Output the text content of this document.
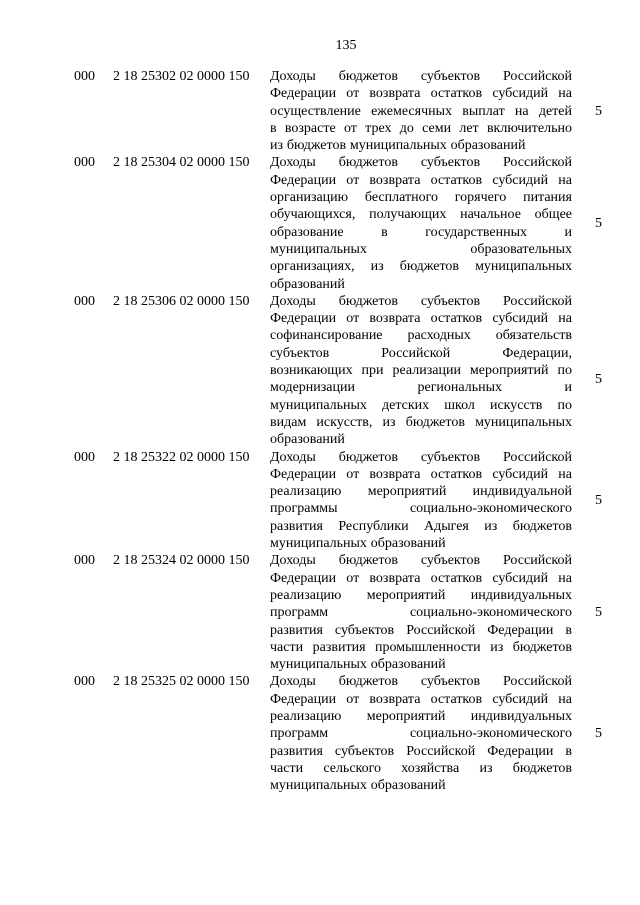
135
000 2 18 25302 02 0000 150 Доходы бюджетов субъектов Российской
Федерации от возврата остатков субсидий на
осуществление ежемесячных выплат на детей
в возрасте от трех до семи лет включительно
из бюджетов муниципальных образований
5
000 2 18 25304 02 0000 150 Доходы бюджетов субъектов Российской
Федерации от возврата остатков субсидий на
организацию бесплатного горячего питания
обучающихся, получающих начальное общее
образование в государственных и
муниципальных образовательных
организациях, из бюджетов муниципальных
образований
5
000 2 18 25306 02 0000 150 Доходы бюджетов субъектов Российской
Федерации от возврата остатков субсидий на
софинансирование расходных обязательств
субъектов Российской Федерации,
возникающих при реализации мероприятий по
модернизации региональных и
муниципальных детских школ искусств по
видам искусств, из бюджетов муниципальных
образований
5
000 2 18 25322 02 0000 150 Доходы бюджетов субъектов Российской
Федерации от возврата остатков субсидий на
реализацию мероприятий индивидуальной
программы социально-экономического
развития Республики Адыгея из бюджетов
муниципальных образований
5
000 2 18 25324 02 0000 150 Доходы бюджетов субъектов Российской
Федерации от возврата остатков субсидий на
реализацию мероприятий индивидуальных
программ социально-экономического
развития субъектов Российской Федерации в
части развития промышленности из бюджетов
муниципальных образований
5
000 2 18 25325 02 0000 150 Доходы бюджетов субъектов Российской
Федерации от возврата остатков субсидий на
реализацию мероприятий индивидуальных
программ социально-экономического
развития субъектов Российской Федерации в
части сельского хозяйства из бюджетов
муниципальных образований
5
